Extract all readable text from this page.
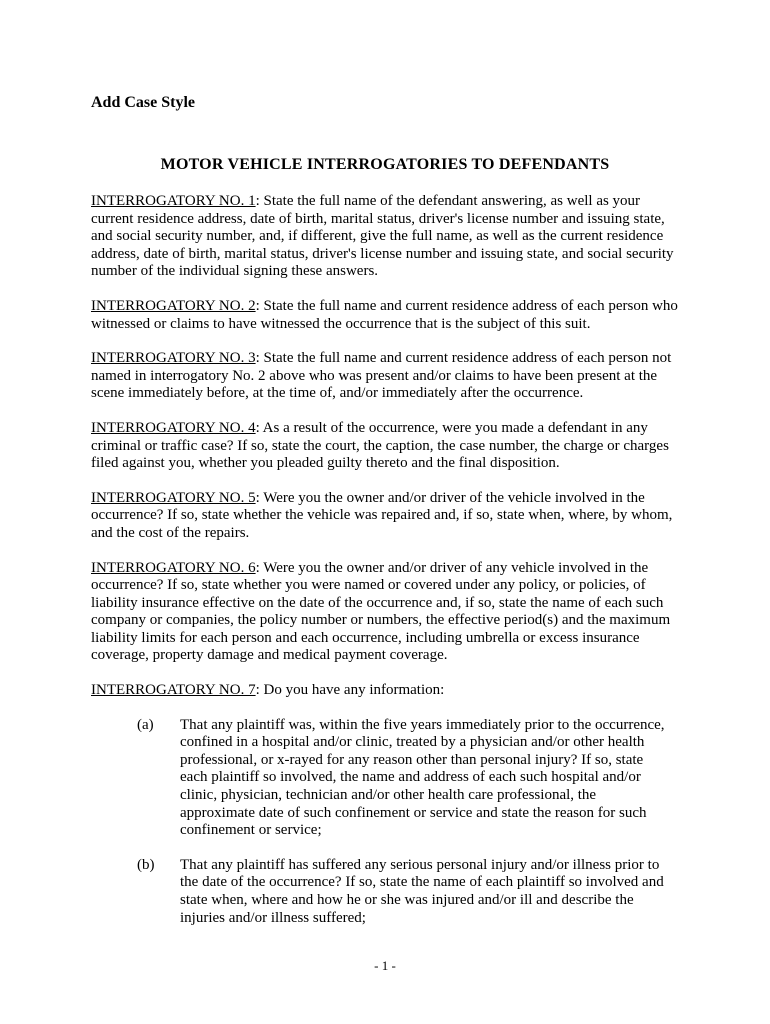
Add Case Style

MOTOR VEHICLE INTERROGATORIES TO DEFENDANTS

INTERROGATORY NO. 1: State the full name of the defendant answering, as well as your current residence address, date of birth, marital status, driver's license number and issuing state, and social security number, and, if different, give the full name, as well as the current residence address, date of birth, marital status, driver's license number and issuing state, and social security number of the individual signing these answers.

INTERROGATORY NO. 2: State the full name and current residence address of each person who witnessed or claims to have witnessed the occurrence that is the subject of this suit.

INTERROGATORY NO. 3: State the full name and current residence address of each person not named in interrogatory No. 2 above who was present and/or claims to have been present at the scene immediately before, at the time of, and/or immediately after the occurrence.

INTERROGATORY NO. 4: As a result of the occurrence, were you made a defendant in any criminal or traffic case? If so, state the court, the caption, the case number, the charge or charges filed against you, whether you pleaded guilty thereto and the final disposition.

INTERROGATORY NO. 5: Were you the owner and/or driver of the vehicle involved in the occurrence? If so, state whether the vehicle was repaired and, if so, state when, where, by whom, and the cost of the repairs.

INTERROGATORY NO. 6: Were you the owner and/or driver of any vehicle involved in the occurrence? If so, state whether you were named or covered under any policy, or policies, of liability insurance effective on the date of the occurrence and, if so, state the name of each such company or companies, the policy number or numbers, the effective period(s) and the maximum liability limits for each person and each occurrence, including umbrella or excess insurance coverage, property damage and medical payment coverage.

INTERROGATORY NO. 7: Do you have any information:

(a) That any plaintiff was, within the five years immediately prior to the occurrence, confined in a hospital and/or clinic, treated by a physician and/or other health professional, or x-rayed for any reason other than personal injury? If so, state each plaintiff so involved, the name and address of each such hospital and/or clinic, physician, technician and/or other health care professional, the approximate date of such confinement or service and state the reason for such confinement or service;
(b) That any plaintiff has suffered any serious personal injury and/or illness prior to the date of the occurrence? If so, state the name of each plaintiff so involved and state when, where and how he or she was injured and/or ill and describe the injuries and/or illness suffered;
- 1 -
